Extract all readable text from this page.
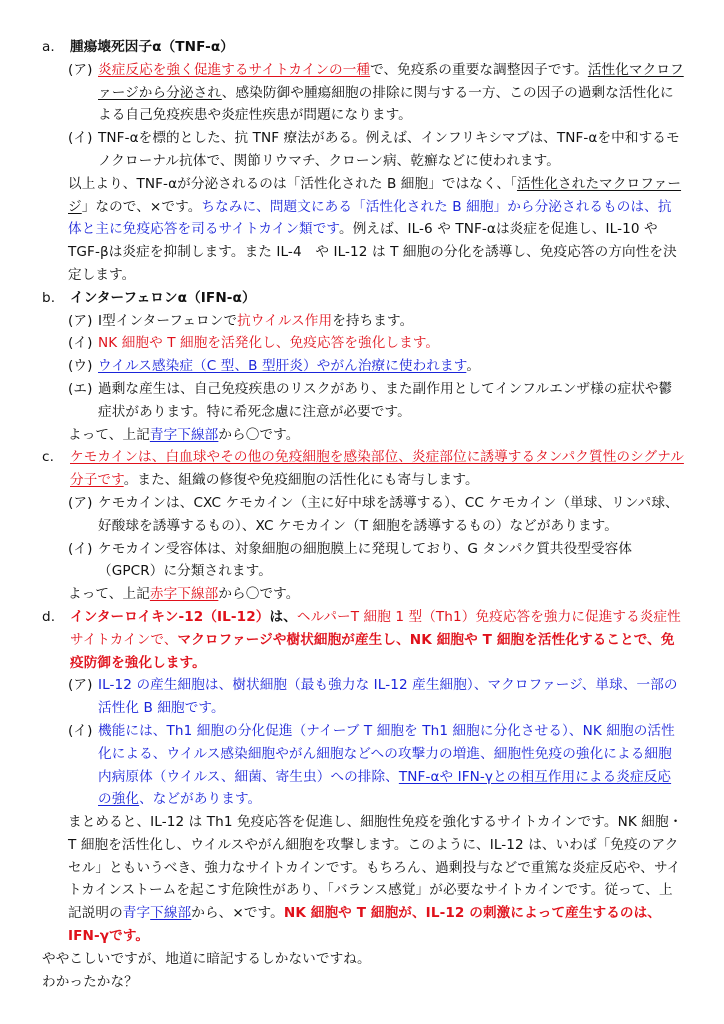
a.	腫瘍壊死因子α（TNF-α）
(ア) 炎症反応を強く促進するサイトカインの一種で、免疫系の重要な調整因子です。活性化マクロファージから分泌され、感染防御や腫瘍細胞の排除に関与する一方、この因子の過剰な活性化による自己免疫疾患や炎症性疾患が問題になります。
(イ) TNF-αを標的とした、抗 TNF 療法がある。例えば、インフリキシマブは、TNF-αを中和するモノクローナル抗体で、関節リウマチ、クローン病、乾癬などに使われます。
以上より、TNF-αが分泌されるのは「活性化された B 細胞」ではなく、「活性化されたマクロファージ」なので、×です。ちなみに、問題文にある「活性化された B 細胞」から分泌されるものは、抗体と主に免疫応答を司るサイトカイン類です。例えば、IL-6 や TNF-αは炎症を促進し、IL-10 や TGF-βは炎症を抑制します。また IL-4　や IL-12 は T 細胞の分化を誘導し、免疫応答の方向性を決定します。
b.	インターフェロンα（IFN-α）
(ア) Ⅰ型インターフェロンで抗ウイルス作用を持ちます。
(イ) NK 細胞や T 細胞を活発化し、免疫応答を強化します。
(ウ) ウイルス感染症（C 型、B 型肝炎）やがん治療に使われます。
(エ) 過剰な産生は、自己免疫疾患のリスクがあり、また副作用としてインフルエンザ様の症状や鬱症状があります。特に希死念慮に注意が必要です。
よって、上記青字下線部から〇です。
c.	ケモカインは、白血球やその他の免疫細胞を感染部位、炎症部位に誘導するタンパク質性のシグナル分子です。また、組織の修復や免疫細胞の活性化にも寄与します。
(ア) ケモカインは、CXC ケモカイン（主に好中球を誘導する）、CC ケモカイン（単球、リンパ球、好酸球を誘導するもの）、XC ケモカイン（T 細胞を誘導するもの）などがあります。
(イ) ケモカイン受容体は、対象細胞の細胞膜上に発現しており、G タンパク質共役型受容体（GPCR）に分類されます。
よって、上記赤字下線部から〇です。
d.	インターロイキン-12（IL-12）は、ヘルパーT 細胞 1 型（Th1）免疫応答を強力に促進する炎症性サイトカインで、マクロファージや樹状細胞が産生し、NK 細胞や T 細胞を活性化することで、免疫防御を強化します。
(ア) IL-12 の産生細胞は、樹状細胞（最も強力な IL-12 産生細胞）、マクロファージ、単球、一部の活性化 B 細胞です。
(イ) 機能には、Th1 細胞の分化促進（ナイーブ T 細胞を Th1 細胞に分化させる）、NK 細胞の活性化による、ウイルス感染細胞やがん細胞などへの攻撃力の増進、細胞性免疫の強化による細胞内病原体（ウイルス、細菌、寄生虫）への排除、TNF-αや IFN-γとの相互作用による炎症反応の強化、などがあります。
まとめると、IL-12 は Th1 免疫応答を促進し、細胞性免疫を強化するサイトカインです。NK 細胞・T 細胞を活性化し、ウイルスやがん細胞を攻撃します。このように、IL-12 は、いわば「免疫のアクセル」ともいうべき、強力なサイトカインです。もちろん、過剰投与などで重篤な炎症反応や、サイトカインストームを起こす危険性があり、「バランス感覚」が必要なサイトカインです。従って、上記説明の青字下線部から、×です。NK 細胞や T 細胞が、IL-12 の刺激によって産生するのは、IFN-γです。
ややこしいですが、地道に暗記するしかないですね。
わかったかな？
